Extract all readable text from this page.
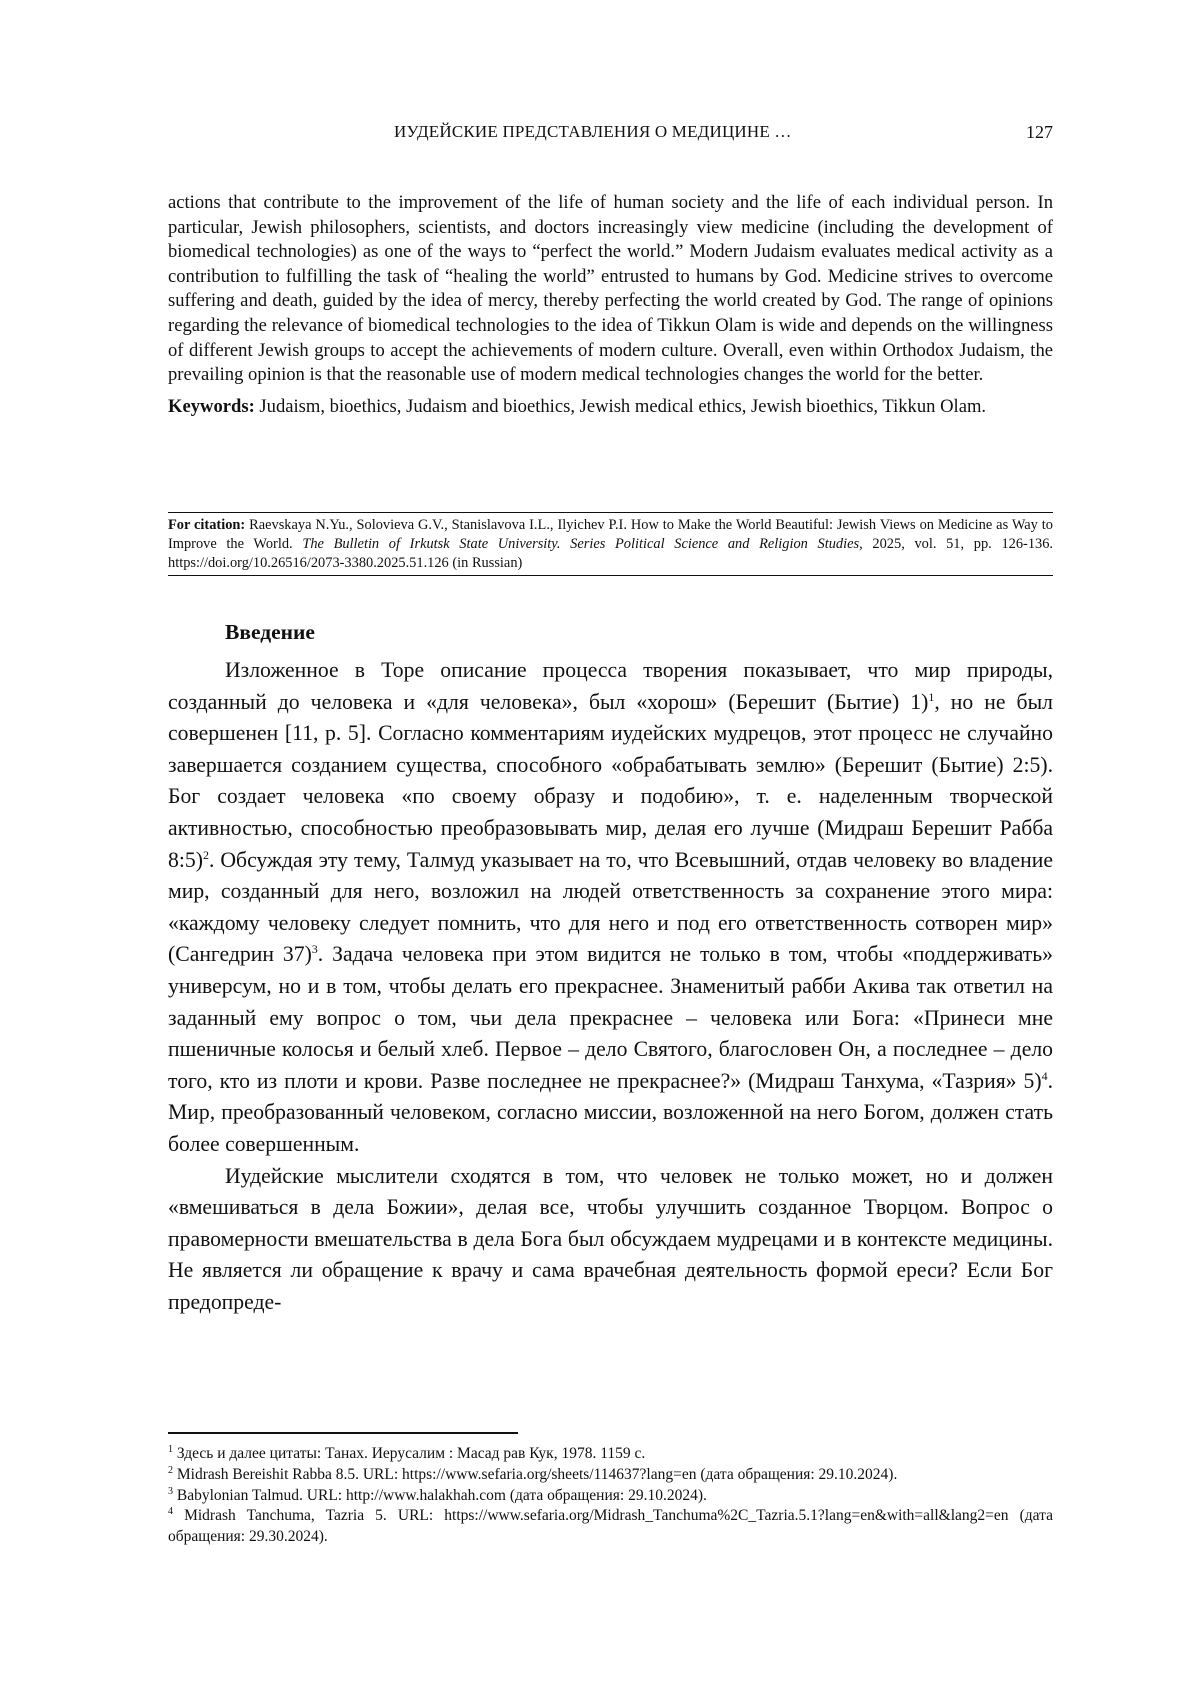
ИУДЕЙСКИЕ ПРЕДСТАВЛЕНИЯ О МЕДИЦИНЕ …	127

actions that contribute to the improvement of the life of human society and the life of each individual person. In particular, Jewish philosophers, scientists, and doctors increasingly view medicine (including the development of biomedical technologies) as one of the ways to “perfect the world.” Modern Judaism evaluates medical activity as a contribution to fulfilling the task of “healing the world” entrusted to humans by God. Medicine strives to overcome suffering and death, guided by the idea of mercy, thereby perfecting the world created by God. The range of opinions regarding the relevance of biomedical technologies to the idea of Tikkun Olam is wide and depends on the willingness of different Jewish groups to accept the achievements of modern culture. Overall, even within Orthodox Judaism, the prevailing opinion is that the reasonable use of modern medical technologies changes the world for the better.

Keywords: Judaism, bioethics, Judaism and bioethics, Jewish medical ethics, Jewish bioethics, Tikkun Olam.

For citation: Raevskaya N.Yu., Solovieva G.V., Stanislavova I.L., Ilyichev P.I. How to Make the World Beautiful: Jewish Views on Medicine as Way to Improve the World. The Bulletin of Irkutsk State University. Series Political Science and Religion Studies, 2025, vol. 51, pp. 126-136. https://doi.org/10.26516/2073-3380.2025.51.126 (in Russian)
Введение

Изложенное в Торе описание процесса творения показывает, что мир природы, созданный до человека и «для человека», был «хорош» (Берешит (Бытие) 1)$^1$, но не был совершенен [11, p. 5]. Согласно комментариям иудейских мудрецов, этот процесс не случайно завершается созданием существа, способного «обрабатывать землю» (Берешит (Бытие) 2:5). Бог создает человека «по своему образу и подобию», т. е. наделенным творческой активностью, способностью преобразовывать мир, делая его лучше (Мидраш Берешит Рабба 8:5)$^2$. Обсуждая эту тему, Талмуд указывает на то, что Всевышний, отдав человеку во владение мир, созданный для него, возложил на людей ответственность за сохранение этого мира: «каждому человеку следует помнить, что для него и под его ответственность сотворен мир» (Сангедрин 37)$^3$. Задача человека при этом видится не только в том, чтобы «поддерживать» универсум, но и в том, чтобы делать его прекраснее. Знаменитый рабби Акива так ответил на заданный ему вопрос о том, чьи дела прекраснее – человека или Бога: «Принеси мне пшеничные колосья и белый хлеб. Первое – дело Святого, благословен Он, а последнее – дело того, кто из плоти и крови. Разве последнее не прекраснее?» (Мидраш Танхума, «Тазрия» 5)$^4$. Мир, преобразованный человеком, согласно миссии, возложенной на него Богом, должен стать более совершенным.

Иудейские мыслители сходятся в том, что человек не только может, но и должен «вмешиваться в дела Божии», делая все, чтобы улучшить созданное Творцом. Вопрос о правомерности вмешательства в дела Бога был обсуждаем мудрецами и в контексте медицины. Не является ли обращение к врачу и сама врачебная деятельность формой ереси? Если Бог предопреде-

$^1$ Здесь и далее цитаты: Танах. Иерусалим : Масад рав Кук, 1978. 1159 с.

$^2$ Midrash Bereishit Rabba 8.5. URL: https://www.sefaria.org/sheets/114637?lang=en (дата обращения: 29.10.2024).

$^3$ Babylonian Talmud. URL: http://www.halakhah.com (дата обращения: 29.10.2024).

$^4$ Midrash Tanchuma, Tazria 5. URL: https://www.sefaria.org/Midrash_Tanchuma%2C_Tazria.5.1?lang=en&with=all&lang2=en (дата обращения: 29.30.2024).
